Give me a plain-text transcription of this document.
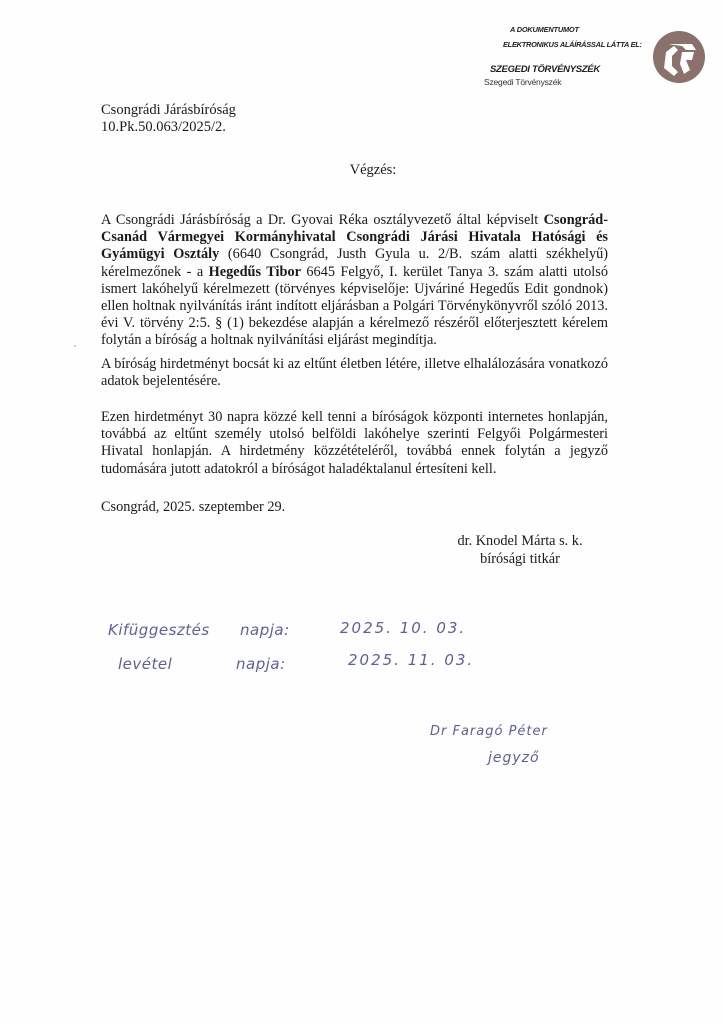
A DOKUMENTUMOT
ELEKTRONIKUS ALÁÍRÁSSAL LÁTTA EL:
SZEGEDI TÖRVÉNYSZÉK
Szegedi Törvényszék
Csongrádi Járásbíróság
10.Pk.50.063/2025/2.
Végzés:
A Csongrádi Járásbíróság a Dr. Gyovai Réka osztályvezető által képviselt Csongrád-Csanád Vármegyei Kormányhivatal Csongrádi Járási Hivatala Hatósági és Gyámügyi Osztály (6640 Csongrád, Justh Gyula u. 2/B. szám alatti székhelyű) kérelmezőnek - a Hegedűs Tibor 6645 Felgyő, I. kerület Tanya 3. szám alatti utolsó ismert lakóhelyű kérelmezett (törvényes képviselője: Ujváriné Hegedűs Edit gondnok) ellen holtnak nyilvánítás iránt indított eljárásban a Polgári Törvénykönyvről szóló 2013. évi V. törvény 2:5. § (1) bekezdése alapján a kérelmező részéről előterjesztett kérelem folytán a bíróság a holtnak nyilvánítási eljárást megindítja.
A bíróság hirdetményt bocsát ki az eltűnt életben létére, illetve elhalálozására vonatkozó adatok bejelentésére.
Ezen hirdetményt 30 napra közzé kell tenni a bíróságok központi internetes honlapján, továbbá az eltűnt személy utolsó belföldi lakóhelye szerinti Felgyői Polgármesteri Hivatal honlapján. A hirdetmény közzétételéről, továbbá ennek folytán a jegyző tudomására jutott adatokról a bíróságot haladéktalanul értesíteni kell.
Csongrád, 2025. szeptember 29.
dr. Knodel Márta s. k.
bírósági titkár
Kifüggesztés napja:	2025. 10. 03.
levétel	napja:	2025. 11. 03.
Dr Faragó Péter
jegyző
